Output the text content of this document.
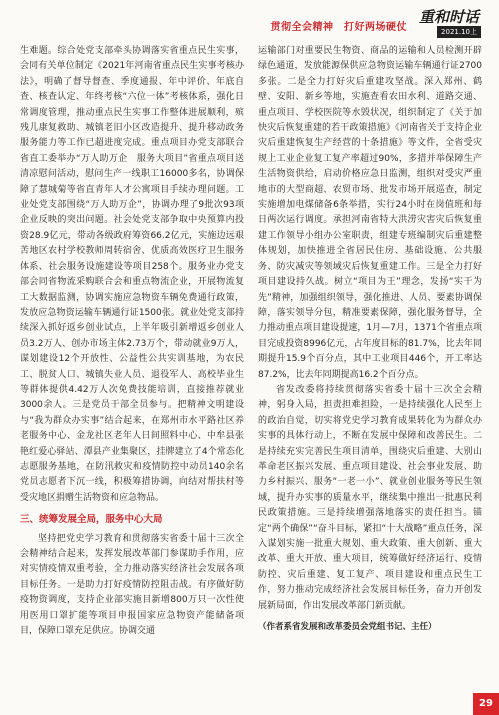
贯彻全会精神　打好两场硬仗
重和时话
2021.10上

生难题。综合处党支部牵头协调落实省重点民生实事，会同有关单位制定《2021年河南省重点民生实事考核办法》，明确了督导督查、季度通报、年中评价、年底自查、核查认定、年终考核“六位一体”考核体系，强化日常调度管理，推动重点民生实事工作整体进展顺利，殡残儿康复救助、城镇老旧小区改造提升、提升移动政务服务能力等工作已超进度完成。重点项目办党支部联合省直工委举办“万人助万企　服务大项目”省重点项目送清凉慰问活动，慰问生产一线职工16000多名，协调保障了慧城菊等省直青年人才公寓项目手续办理问题。工业处党支部围绕“万人助万企”，协调办理了9批次93项企业反映的突出问题。社会处党支部争取中央预算内投资28.9亿元，带动各级政府筹资66.2亿元，实施边远艰苦地区农村学校教师周转宿舍、优质高效医疗卫生服务体系、社会服务设施建设等项目258个。服务业办党支部会同省物流采购联合会和重点物流企业，开展物流复工大数据监测，协调实施应急物资车辆免费通行政策，发放应急物资运输车辆通行证1500张。就业处党支部持续深入抓好返乡创业试点，上半年吸引新增返乡创业人员3.2万人、创办市场主体2.73万个，带动就业9万人，谋划建设12个开放性、公益性公共实训基地，为农民工、脱贫人口、城镇失业人员、退役军人、高校毕业生等群体提供4.42万人次免费技能培训，直接推荐就业3000余人。三是党员干部全员参与。把精神文明建设与“我为群众办实事”结合起来，在郑州市水平路社区养老服务中心、金龙社区老年人日间照料中心、中牟县张艳红爱心驿站、潭县产业集聚区，挂牌建立了4个常态化志愿服务基地，在防汛救灾和疫情防控中动员140余名党员志愿者下沉一线，积极筹措协调，向结对帮扶村等受灾地区捐赠生活物资和应急物品。

三、统筹发展全局，服务中心大局

坚持把党史学习教育和贯彻落实省委十届十三次全会精神结合起来，发挥发展改革部门参谋助手作用，应对实情疫情双重考验，全力推动落实经济社会发展各项目标任务。一是助力打好疫情防控阻击战。有序做好防疫物资调度，支持企业部实施目新增800万只一次性使用医用口罩扩能等项目申报国家应急物资产能储备项目，保障口罩充足供应。协调交通

运输部门对重要民生物资、商品的运输和人员检测开辟绿色通道，发放能源保供应急物资运输车辆通行证2700多张。二是全力打好灾后重建攻坚战。深入郑州、鹤壁、安阳、新乡等地，实施查看农田水利、道路交通、重点项目、学校医院等水毁状况，组织制定了《关于加快灾后恢复重建的若干政策措施》《河南省关于支持企业灾后重建恢复生产经营的十条措施》等文件，全省受灾规上工业企业复工复产率超过90%，多措并举保障生产生活物资供给，启动价格应急日监测，组织对受灾严重地市的大型商超、农贸市场、批发市场开展巡查，制定实施增加电煤储备6条举措，实行24小时在岗值班和每日两次运行调度。承担河南省特大洪涝灾害灾后恢复重建工作领导小组办公室职责，组建专班编制灾后重建整体规划，加快推进全省居民住房、基础设施、公共服务、防灾减灾等领域灾后恢复重建工作。三是全力打好项目建设持久战。树立“项目为王”理念，发扬“实干为先”精神，加强组织领导，强化推进、人员、要素协调保障，落实领导分包，精准要素保障，强化服务督导，全力推动重点项目建设提速，1月—7月，1371个省重点项目完成投资8996亿元，占年度目标的81.7%，比去年同期提升15.9个百分点，其中工业项目446个，开工率达87.2%，比去年同期提高16.2个百分点。

省发改委将持续贯彻落实省委十届十三次全会精神，躬身入局，担责担难担险，一是持续强化人民至上的政治自觉，切实将党史学习教育成果转化为为群众办实事的具体行动上，不断在发展中保障和改善民生。二是持续充实完善民生项目清单，围绕灾后重建、大别山革命老区振兴发展、重点项目建设、社会事业发展、助力乡村振兴、服务“一老一小”、就业创业服务等民生领域，提升办实事的质量水平，继续集中推出一批惠民利民政策措施。三是持续增强落地落实的责任担当。锚定“两个确保”“奋斗目标，紧扣“十大战略”重点任务，深入谋划实施一批重大规划、重大政策、重大创新、重大改革、重大开放、重大项目，统筹做好经济运行、疫情防控、灾后重建、复工复产、项目建设和重点民生工作，努力推动完成经济社会发展目标任务，奋力开创发展新局面，作出发展改革部门新贡献。

（作者系省发展和改革委员会党组书记、主任）
29
